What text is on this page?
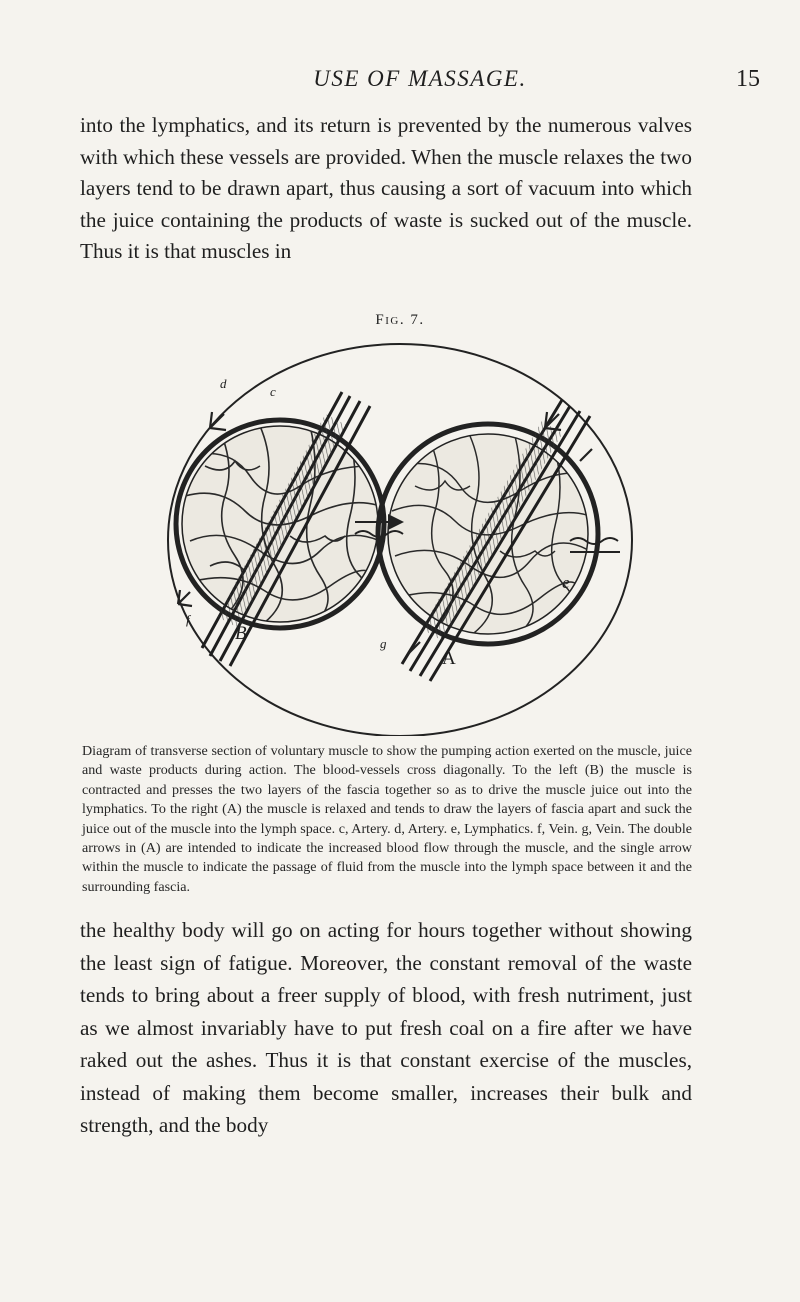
USE OF MASSAGE.	15

into the lymphatics, and its return is prevented by the numerous valves with which these vessels are provided. When the muscle relaxes the two layers tend to be drawn apart, thus causing a sort of vacuum into which the juice containing the products of waste is sucked out of the muscle. Thus it is that muscles in

Fig. 7.
B
A
c
d
e
f
g

Diagram of transverse section of voluntary muscle to show the pumping action exerted on the muscle, juice and waste products during action. The blood-vessels cross diagonally. To the left (B) the muscle is contracted and presses the two layers of the fascia together so as to drive the muscle juice out into the lymphatics. To the right (A) the muscle is relaxed and tends to draw the layers of fascia apart and suck the juice out of the muscle into the lymph space. c, Artery. d, Artery. e, Lymphatics. f, Vein. g, Vein. The double arrows in (A) are intended to indicate the increased blood flow through the muscle, and the single arrow within the muscle to indicate the passage of fluid from the muscle into the lymph space between it and the surrounding fascia.

the healthy body will go on acting for hours together without showing the least sign of fatigue. Moreover, the constant removal of the waste tends to bring about a freer supply of blood, with fresh nutriment, just as we almost invariably have to put fresh coal on a fire after we have raked out the ashes. Thus it is that constant exercise of the muscles, instead of making them become smaller, increases their bulk and strength, and the body
